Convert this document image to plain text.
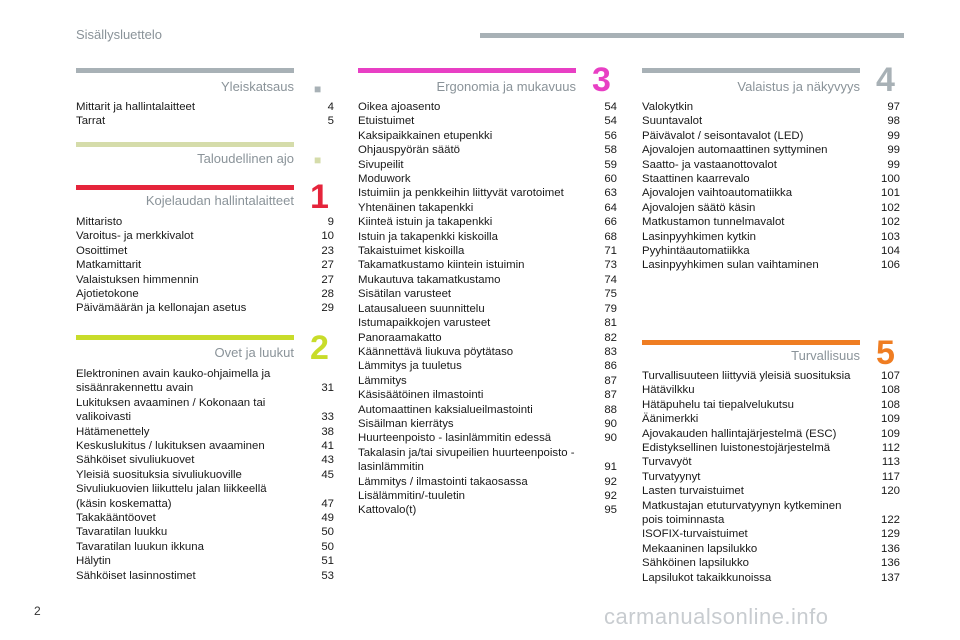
Sisällysluettelo
Yleiskatsaus ■
Mittarit ja hallintalaitteet	4
Tarrat	5
Taloudellinen ajo ■
Kojelaudan hallintalaitteet 1
Mittaristo	9
Varoitus- ja merkkivalot	10
Osoittimet	23
Matkamittarit	27
Valaistuksen himmennin	27
Ajotietokone	28
Päivämäärän ja kellonajan asetus	29
Ovet ja luukut 2
Elektroninen avain kauko-ohjaimella ja
sisäänrakennettu avain	31
Lukituksen avaaminen / Kokonaan tai
valikoivasti	33
Hätämenettely	38
Keskuslukitus / lukituksen avaaminen	41
Sähköiset sivuliukuovet	43
Yleisiä suosituksia sivuliukuoville	45
Sivuliukuovien liikuttelu jalan liikkeellä
(käsin koskematta)	47
Takakääntöovet	49
Tavaratilan luukku	50
Tavaratilan luukun ikkuna	50
Hälytin	51
Sähköiset lasinnostimet	53
Ergonomia ja mukavuus 3
Oikea ajoasento	54
Etuistuimet	54
Kaksipaikkainen etupenkki	56
Ohjauspyörän säätö	58
Sivupeilit	59
Moduwork	60
Istuimiin ja penkkeihin liittyvät varotoimet	63
Yhtenäinen takapenkki	64
Kiinteä istuin ja takapenkki	66
Istuin ja takapenkki kiskoilla	68
Takaistuimet kiskoilla	71
Takamatkustamo kiintein istuimin	73
Mukautuva takamatkustamo	74
Sisätilan varusteet	75
Latausalueen suunnittelu	79
Istumapaikkojen varusteet	81
Panoraamakatto	82
Käännettävä liukuva pöytätaso	83
Lämmitys ja tuuletus	86
Lämmitys	87
Käsisäätöinen ilmastointi	87
Automaattinen kaksialueilmastointi	88
Sisäilman kierrätys	90
Huurteenpoisto - lasinlämmitin edessä	90
Takalasin ja/tai sivupeilien huurteenpoisto -
lasinlämmitin	91
Lämmitys / ilmastointi takaosassa	92
Lisälämmitin/-tuuletin	92
Kattovalo(t)	95
Valaistus ja näkyvyys 4
Valokytkin	97
Suuntavalot	98
Päivävalot / seisontavalot (LED)	99
Ajovalojen automaattinen syttyminen	99
Saatto- ja vastaanottovalot	99
Staattinen kaarrevalo	100
Ajovalojen vaihtoautomatiikka	101
Ajovalojen säätö käsin	102
Matkustamon tunnelmavalot	102
Lasinpyyhkimen kytkin	103
Pyyhintäautomatiikka	104
Lasinpyyhkimen sulan vaihtaminen	106
Turvallisuus 5
Turvallisuuteen liittyviä yleisiä suosituksia	107
Hätävilkku	108
Hätäpuhelu tai tiepalvelukutsu	108
Äänimerkki	109
Ajovakauden hallintajärjestelmä (ESC)	109
Edistyksellinen luistonestojärjestelmä	112
Turvavyöt	113
Turvatyynyt	117
Lasten turvaistuimet	120
Matkustajan etuturvatyynyn kytkeminen
pois toiminnasta	122
ISOFIX-turvaistuimet	129
Mekaaninen lapsilukko	136
Sähköinen lapsilukko	136
Lapsilukot takaikkunoissa	137
2	carmanualsonline.info
